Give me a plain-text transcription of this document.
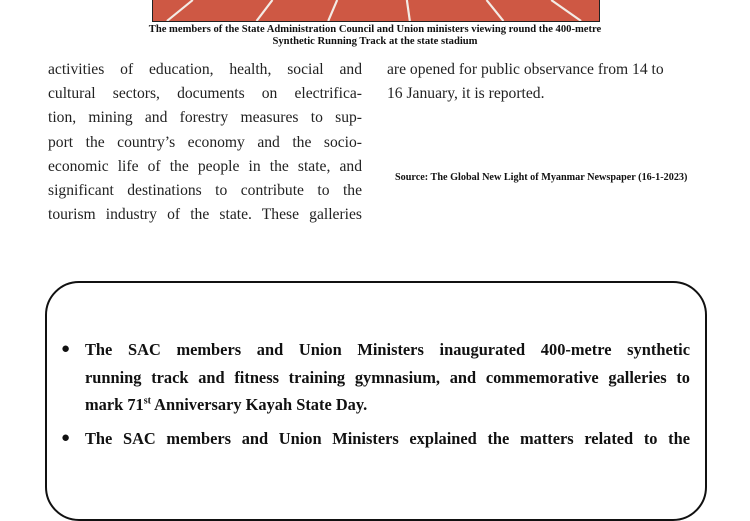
The members of the State Administration Council and Union ministers viewing round the 400-metre
Synthetic Running Track at the state stadium
activities of education, health, social and
cultural sectors, documents on electrifica-
tion, mining and forestry measures to sup-
port the country’s economy and the socio-
economic life of the people in the state, and
significant destinations to contribute to the
tourism industry of the state. These galleries
are opened for public observance from 14 to
16 January, it is reported.
Source: The Global New Light of Myanmar Newspaper (16-1-2023)
● The SAC members and Union Ministers inaugurated 400-metre synthetic
running track and fitness training gymnasium, and commemorative galleries to
mark 71st Anniversary Kayah State Day.
● The SAC members and Union Ministers explained the matters related to the
